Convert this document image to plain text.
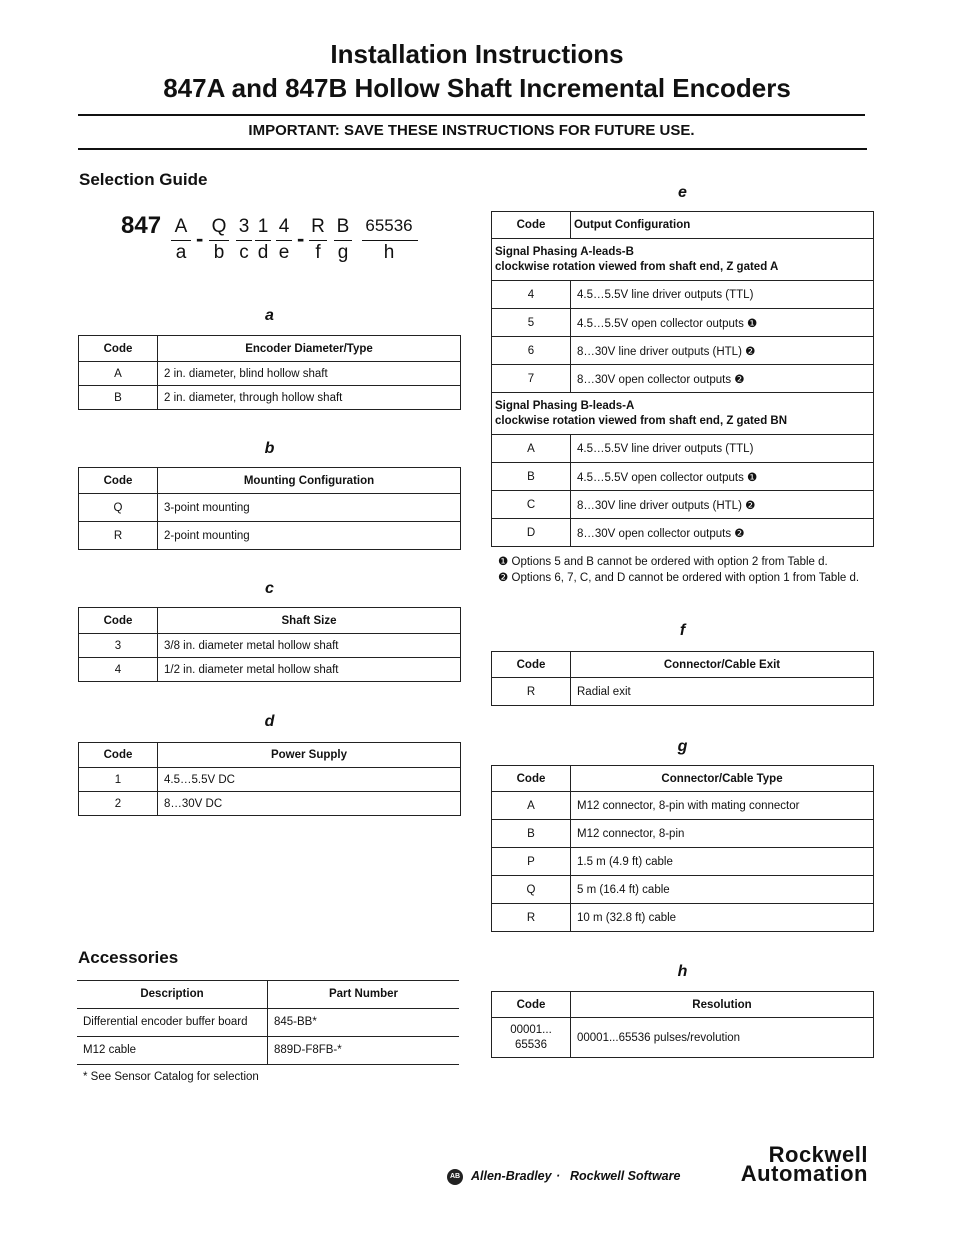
Installation Instructions
847A and 847B Hollow Shaft Incremental Encoders
IMPORTANT: SAVE THESE INSTRUCTIONS FOR FUTURE USE.
Selection Guide
847 A Q 3 1 4 R B 65536
-	-
a	b c d e	f g	h
a
Code	Encoder Diameter/Type
A	2 in. diameter, blind hollow shaft
B	2 in. diameter, through hollow shaft
b
Code	Mounting Configuration
Q	3-point mounting
R	2-point mounting
c
Code	Shaft Size
3	3/8 in. diameter metal hollow shaft
4	1/2 in. diameter metal hollow shaft
d
Code	Power Supply
1	4.5…5.5V DC
2	8…30V DC
e
Code	Output Configuration
Signal Phasing A-leads-B
clockwise rotation viewed from shaft end, Z gated A	
4	4.5…5.5V line driver outputs (TTL)
5	4.5…5.5V open collector outputs ❶
6	8…30V line driver outputs (HTL) ❷
7	8…30V open collector outputs ❷
Signal Phasing B-leads-A
clockwise rotation viewed from shaft end, Z gated BN	
A	4.5…5.5V line driver outputs (TTL)
B	4.5…5.5V open collector outputs ❶
C	8…30V line driver outputs (HTL) ❷
D	8…30V open collector outputs ❷
❶ Options 5 and B cannot be ordered with option 2 from Table d.
❷ Options 6, 7, C, and D cannot be ordered with option 1 from Table d.
f
Code	Connector/Cable Exit
R	Radial exit
g
Code	Connector/Cable Type
A	M12 connector, 8-pin with mating connector
B	M12 connector, 8-pin
P	1.5 m (4.9 ft) cable
Q	5 m (16.4 ft) cable
R	10 m (32.8 ft) cable
h
Code	Resolution
00001...
65536	00001...65536 pulses/revolution
Accessories
Description	Part Number
Differential encoder buffer board	845-BB*
M12 cable	889D-F8FB-*
* See Sensor Catalog for selection
AB Allen-Bradley · Rockwell Software
Rockwell
Automation
